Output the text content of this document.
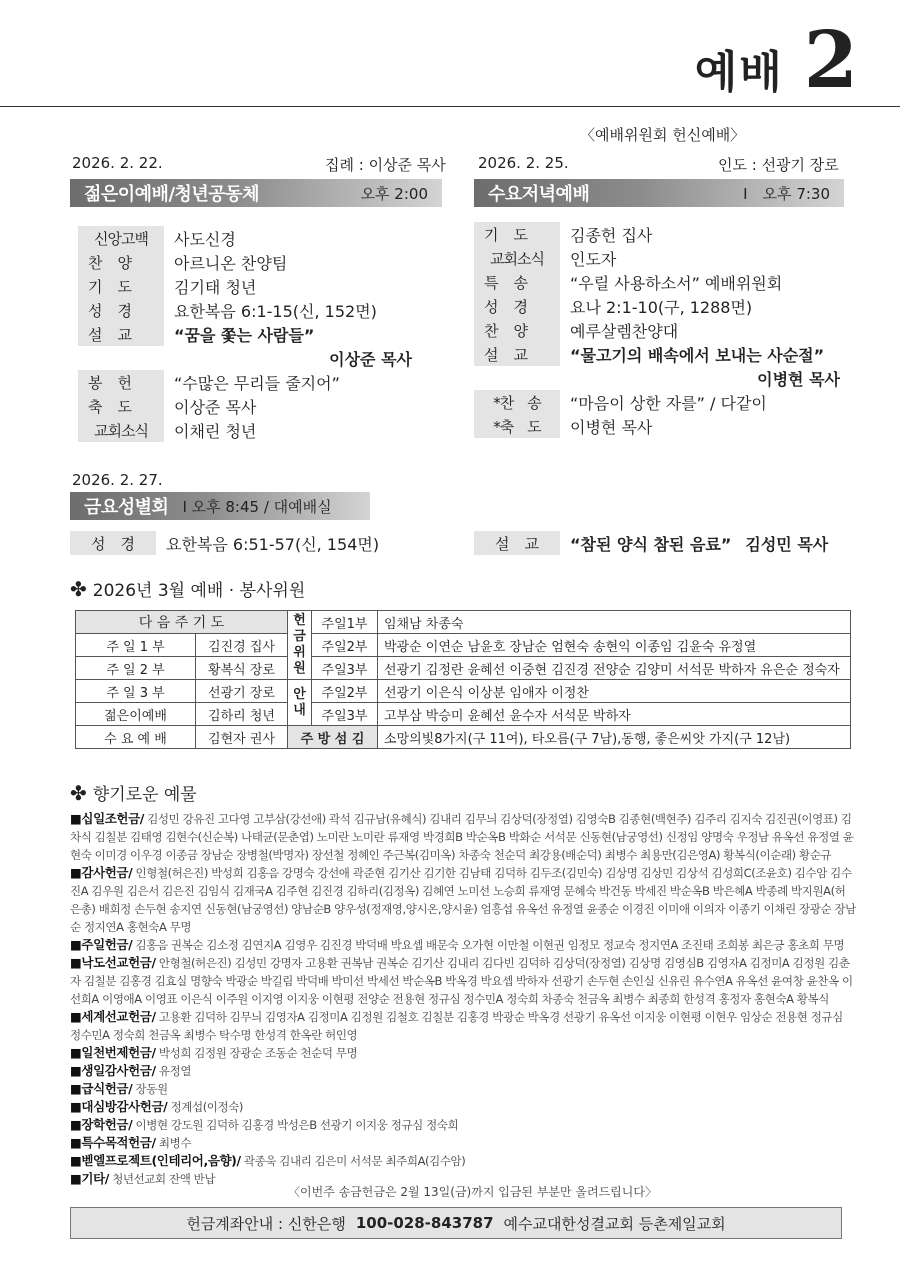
예배 2
〈예배위원회 헌신예배〉
2026. 2. 22.	집례 : 이상준 목사
젊은이예배/청년공동체	오후 2:00
신앙고백	사도신경
찬　양	아르니온 찬양팀
기　도	김기태 청년
성　경	요한복음 6:1-15(신, 152면)
설　교	“꿈을 쫓는 사람들”
이상준 목사
봉　헌	“수많은 무리들 줄지어”
축　도	이상준 목사
교회소식	이채린 청년
2026. 2. 25.	인도 : 선광기 장로
수요저녁예배	I　오후 7:30
기　도	김종헌 집사
교회소식	인도자
특　송	“우릴 사용하소서” 예배위원회
성　경	요나 2:1-10(구, 1288면)
찬　양	예루살렘찬양대
설　교	“물고기의 배속에서 보내는 사순절”
이병현 목사
*찬　송	“마음이 상한 자를” / 다같이
*축　도	이병현 목사
2026. 2. 27.
금요성별회 I 오후 8:45 / 대예배실
성　경	요한복음 6:51-57(신, 154면)	설　교	“참된 양식 참된 음료” 김성민 목사
✤ 2026년 3월 예배 · 봉사위원
다 음 주 기 도		헌금위원	주일1부	임채남 차종숙
주 일 1 부	김진경 집사		주일2부	박광순 이연순 남윤호 장남순 엄현숙 송현익 이종임 김윤숙 유정열
주 일 2 부	황복식 장로		주일3부	선광기 김정란 윤혜선 이중현 김진경 전양순 김양미 서석문 박하자 유은순 정숙자
주 일 3 부	선광기 장로	안내	주일2부	선광기 이은식 이상분 임애자 이정찬
젊은이예배	김하리 청년		주일3부	고부삼 박승미 윤혜선 윤수자 서석문 박하자
수 요 예 배	김현자 권사	주 방 섬 김		소망의빛8가지(구 11여), 타오름(구 7남),동행, 좋은씨앗 가지(구 12남)
✤ 향기로운 예물

■십일조헌금/ 김성민 강유진 고다영 고부삼(강선애) 곽석 김규남(유혜식) 김내리 김무늬 김상덕(장정열) 김영숙B 김종현(백현주) 김주리 김지숙 김진권(이영표) 김차식 김칠분 김태영 김현수(신순복) 나태균(문춘엽) 노미란 노미란 류재영 박경희B 박순옥B 박화순 서석문 신동현(남궁영선) 신정임 양명숙 우정남 유옥선 유정열 윤현숙 이미경 이우경 이종금 장남순 장병철(박명자) 장선철 정혜인 주근복(김미옥) 차종숙 천순덕 최강용(배순덕) 최병수 최용만(김은영A) 황복식(이순래) 황순규

■감사헌금/ 인형철(허은진) 박성희 김홍음 강명숙 강선애 곽준현 김기산 김기한 김남태 김덕하 김두조(김민숙) 김상명 김상민 김상석 김성희C(조윤호) 김수암 김수진A 김우원 김은서 김은진 김임식 김재국A 김주현 김진경 김하리(김정옥) 김혜연 노미선 노승희 류재영 문혜숙 박건동 박세진 박순옥B 박은혜A 박종례 박지원A(허은총) 배희정 손두현 송지연 신동현(남궁영선) 양남순B 양우성(정재영,양시온,양시윤) 엄흥섭 유옥선 유정열 윤종순 이경진 이미애 이의자 이종기 이채린 장광순 장남순 정지연A 홍현숙A 무명

■주일헌금/ 김홍음 권복순 김소정 김연지A 김영우 김진경 박덕배 박요셉 배문숙 오가현 이만철 이현권 임정모 정교숙 정지연A 조진태 조희봉 최은긍 홍초희 무명

■낙도선교헌금/ 안형철(허은진) 김성민 강명자 고용환 권복남 권복순 김기산 김내리 김다빈 김덕하 김상덕(장정열) 김상명 김영심B 김영자A 김정미A 김정원 김춘자 김칠분 김홍경 김효실 명향숙 박광순 박길림 박덕배 박미선 박세선 박순옥B 박옥경 박요셉 박하자 선광기 손두현 손인실 신유린 유수연A 유옥선 윤여창 윤찬옥 이선희A 이영애A 이영표 이은식 이주원 이지영 이지웅 이현평 전양순 전용현 정규심 정수민A 정숙희 차종숙 천금옥 최병수 최종희 한성격 홍정자 홍현숙A 황복식

■세계선교헌금/ 고용환 김덕하 김무늬 김영자A 김정미A 김정원 김철호 김칠분 김홍경 박광순 박옥경 선광기 유옥선 이지웅 이현평 이현우 임상순 전용현 정규심 정수민A 정숙희 천금옥 최병수 탁수명 한성격 한옥란 허인영

■일천번제헌금/ 박성희 김정원 장광순 조동순 천순덕 무명

■생일감사헌금/ 유정열

■급식헌금/ 장동원

■대심방감사헌금/ 정계섭(이정숙)

■장학헌금/ 이병현 강도원 김덕하 김홍경 박성은B 선광기 이지웅 정규심 정숙희

■특수목적헌금/ 최병수

■벧엘프로젝트(인테리어,음향)/ 곽종욱 김내리 김은미 서석문 최주희A(김수암)

■기타/ 청년선교회 잔액 반납

〈이번주 송금헌금은 2월 13일(금)까지 입금된 부분만 올려드립니다〉
헌금계좌안내 : 신한은행 100-028-843787 예수교대한성결교회 등촌제일교회
